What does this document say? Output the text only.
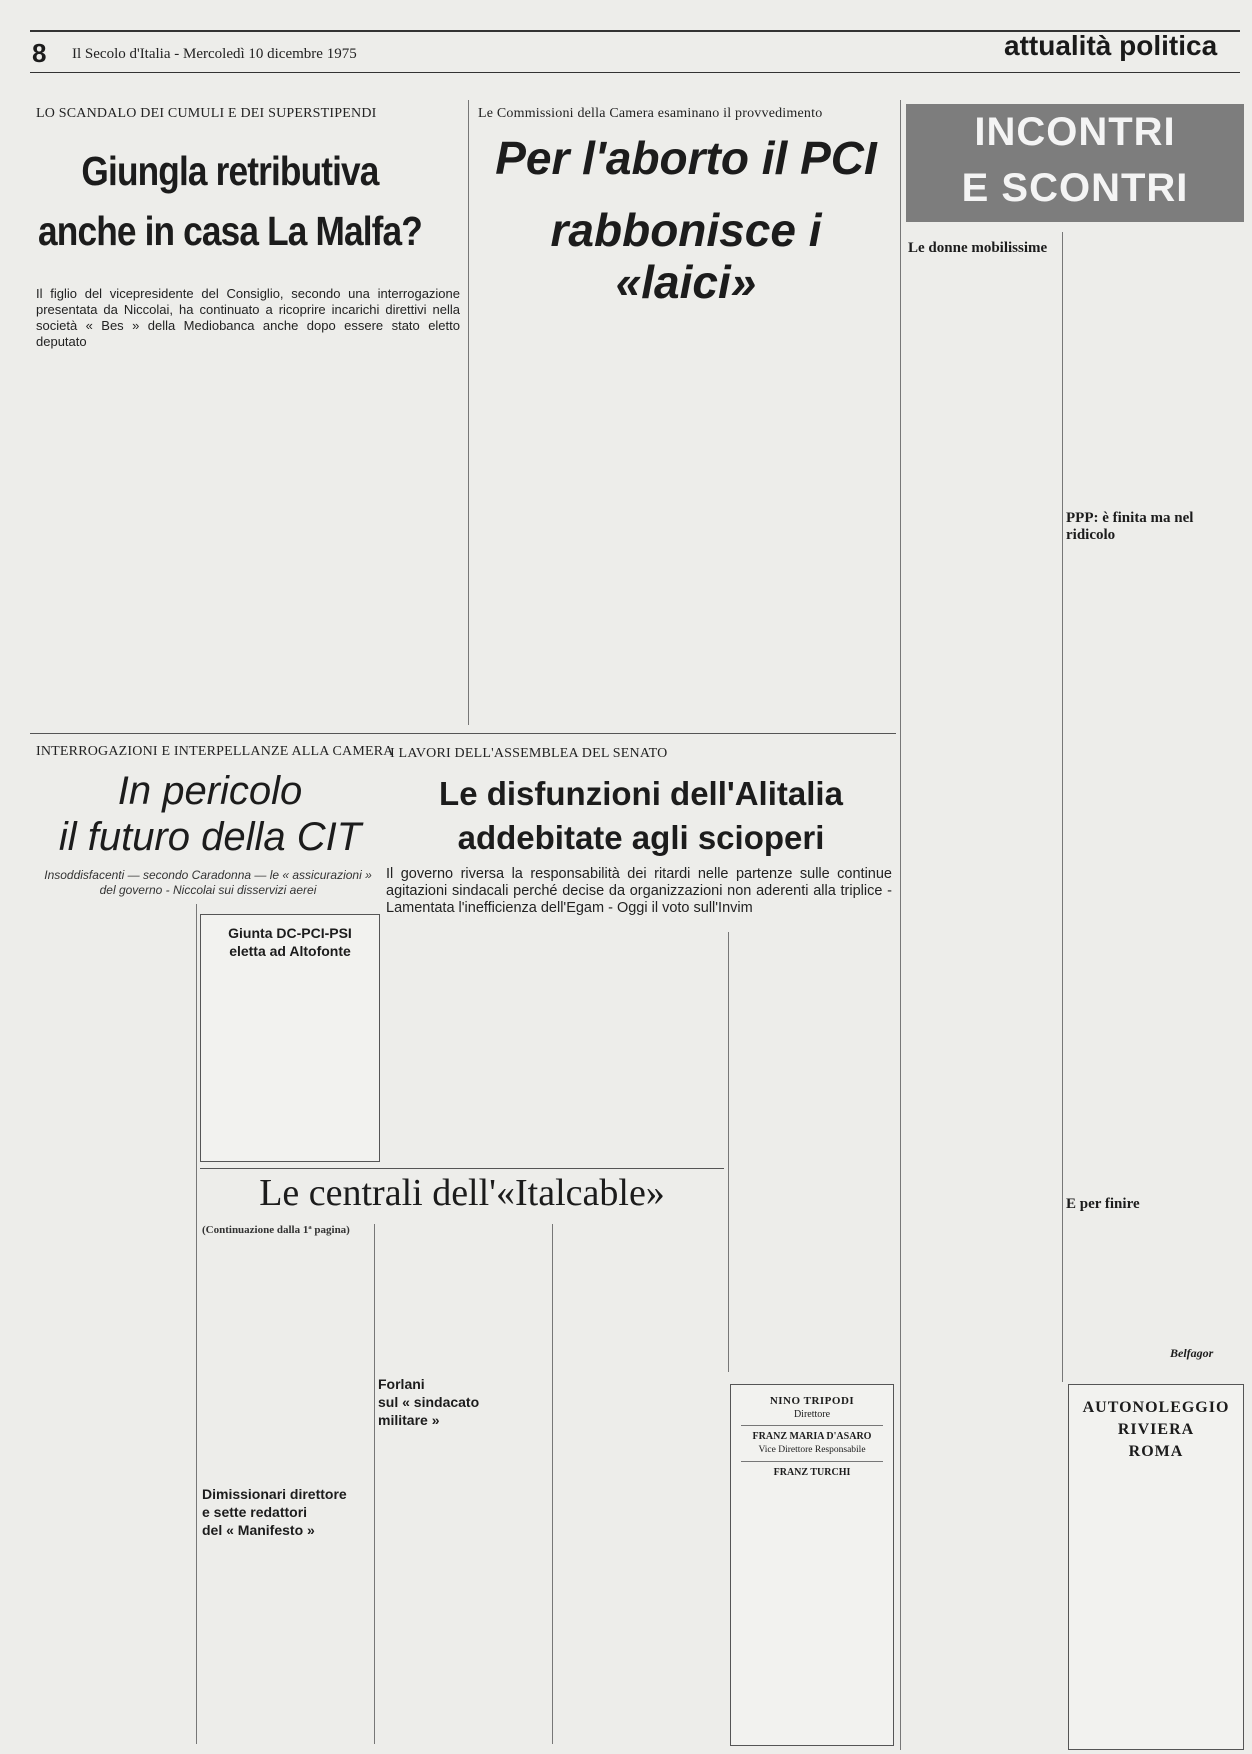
8 Il Secolo d'Italia - Mercoledì 10 dicembre 1975	attualità politica
LO SCANDALO DEI CUMULI E DEI SUPERSTIPENDI
Giungla retributiva
anche in casa La Malfa?
Il figlio del vicepresidente del Consiglio, secondo una interrogazione presentata da Niccolai, ha continuato a ricoprire incarichi direttivi nella società « Bes » della Mediobanca anche dopo essere stato eletto deputato
Le Commissioni della Camera esaminano il provvedimento
Per l'aborto il PCI
rabbonisce i «laici»
INCONTRI
E SCONTRI
Le donne mobilissime
PPP: è finita ma nel ridicolo
E per finire
Belfagor
AUTONOLEGGIO
RIVIERA
ROMA
INTERROGAZIONI E INTERPELLANZE ALLA CAMERA
In pericolo
il futuro della CIT
Insoddisfacenti — secondo Caradonna — le « assicurazioni » del governo - Niccolai sui disservizi aerei
Giunta DC-PCI-PSI
eletta ad Altofonte
I LAVORI DELL'ASSEMBLEA DEL SENATO
Le disfunzioni dell'Alitalia
addebitate agli scioperi
Il governo riversa la responsabilità dei ritardi nelle partenze sulle continue agitazioni sindacali perché decise da organizzazioni non aderenti alla triplice - Lamentata l'inefficienza dell'Egam - Oggi il voto sull'Invim
Le centrali dell'«Italcable»
(Continuazione dalla 1ª pagina)
Forlani
sul « sindacato
militare »
Dimissionari direttore
e sette redattori
del « Manifesto »
NINO TRIPODI
Direttore
FRANZ MARIA D'ASARO
Vice Direttore Responsabile
FRANZ TURCHI
